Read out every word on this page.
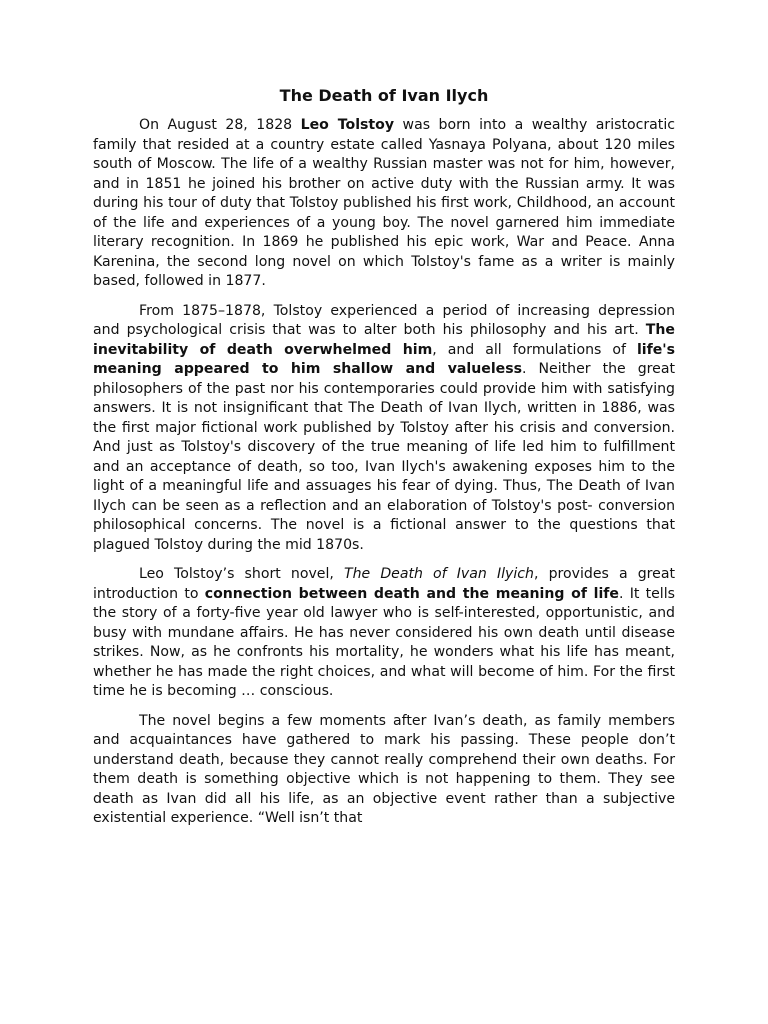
The Death of Ivan Ilych

On August 28, 1828 Leo Tolstoy was born into a wealthy aristocratic family that resided at a country estate called Yasnaya Polyana, about 120 miles south of Moscow. The life of a wealthy Russian master was not for him, however, and in 1851 he joined his brother on active duty with the Russian army. It was during his tour of duty that Tolstoy published his first work, Childhood, an account of the life and experiences of a young boy. The novel garnered him immediate literary recognition. In 1869 he published his epic work, War and Peace. Anna Karenina, the second long novel on which Tolstoy's fame as a writer is mainly based, followed in 1877.

From 1875–1878, Tolstoy experienced a period of increasing depression and psychological crisis that was to alter both his philosophy and his art. The inevitability of death overwhelmed him, and all formulations of life's meaning appeared to him shallow and valueless. Neither the great philosophers of the past nor his contemporaries could provide him with satisfying answers. It is not insignificant that The Death of Ivan Ilych, written in 1886, was the first major fictional work published by Tolstoy after his crisis and conversion. And just as Tolstoy's discovery of the true meaning of life led him to fulfillment and an acceptance of death, so too, Ivan Ilych's awakening exposes him to the light of a meaningful life and assuages his fear of dying. Thus, The Death of Ivan Ilych can be seen as a reflection and an elaboration of Tolstoy's post- conversion philosophical concerns. The novel is a fictional answer to the questions that plagued Tolstoy during the mid 1870s.

Leo Tolstoy’s short novel, The Death of Ivan Ilyich, provides a great introduction to connection between death and the meaning of life. It tells the story of a forty-five year old lawyer who is self-interested, opportunistic, and busy with mundane affairs. He has never considered his own death until disease strikes. Now, as he confronts his mortality, he wonders what his life has meant, whether he has made the right choices, and what will become of him. For the first time he is becoming … conscious.

The novel begins a few moments after Ivan’s death, as family members and acquaintances have gathered to mark his passing. These people don’t understand death, because they cannot really comprehend their own deaths. For them death is something objective which is not happening to them. They see death as Ivan did all his life, as an objective event rather than a subjective existential experience. “Well isn’t that
